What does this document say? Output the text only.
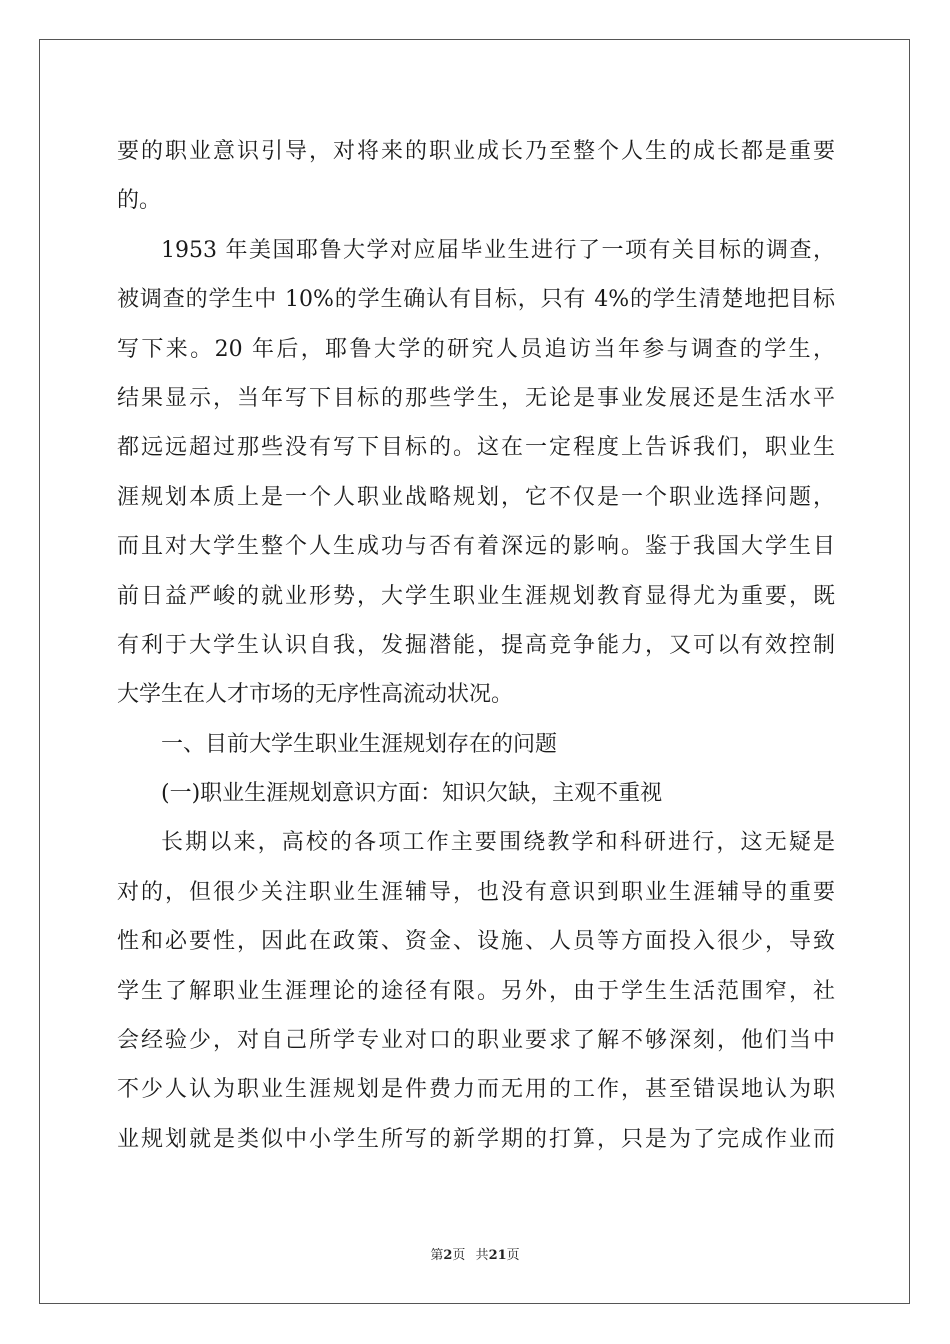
要的职业意识引导，对将来的职业成长乃至整个人生的成长都是重要
的。
1953 年美国耶鲁大学对应届毕业生进行了一项有关目标的调查，
被调查的学生中 10%的学生确认有目标，只有 4%的学生清楚地把目标
写下来。20 年后，耶鲁大学的研究人员追访当年参与调查的学生，
结果显示，当年写下目标的那些学生，无论是事业发展还是生活水平
都远远超过那些没有写下目标的。这在一定程度上告诉我们，职业生
涯规划本质上是一个人职业战略规划，它不仅是一个职业选择问题，
而且对大学生整个人生成功与否有着深远的影响。鉴于我国大学生目
前日益严峻的就业形势，大学生职业生涯规划教育显得尤为重要，既
有利于大学生认识自我，发掘潜能，提高竞争能力，又可以有效控制
大学生在人才市场的无序性高流动状况。
一、目前大学生职业生涯规划存在的问题
(一)职业生涯规划意识方面：知识欠缺，主观不重视
长期以来，高校的各项工作主要围绕教学和科研进行，这无疑是
对的，但很少关注职业生涯辅导，也没有意识到职业生涯辅导的重要
性和必要性，因此在政策、资金、设施、人员等方面投入很少，导致
学生了解职业生涯理论的途径有限。另外，由于学生生活范围窄，社
会经验少，对自己所学专业对口的职业要求了解不够深刻，他们当中
不少人认为职业生涯规划是件费力而无用的工作，甚至错误地认为职
业规划就是类似中小学生所写的新学期的打算，只是为了完成作业而
第2页 共21页
